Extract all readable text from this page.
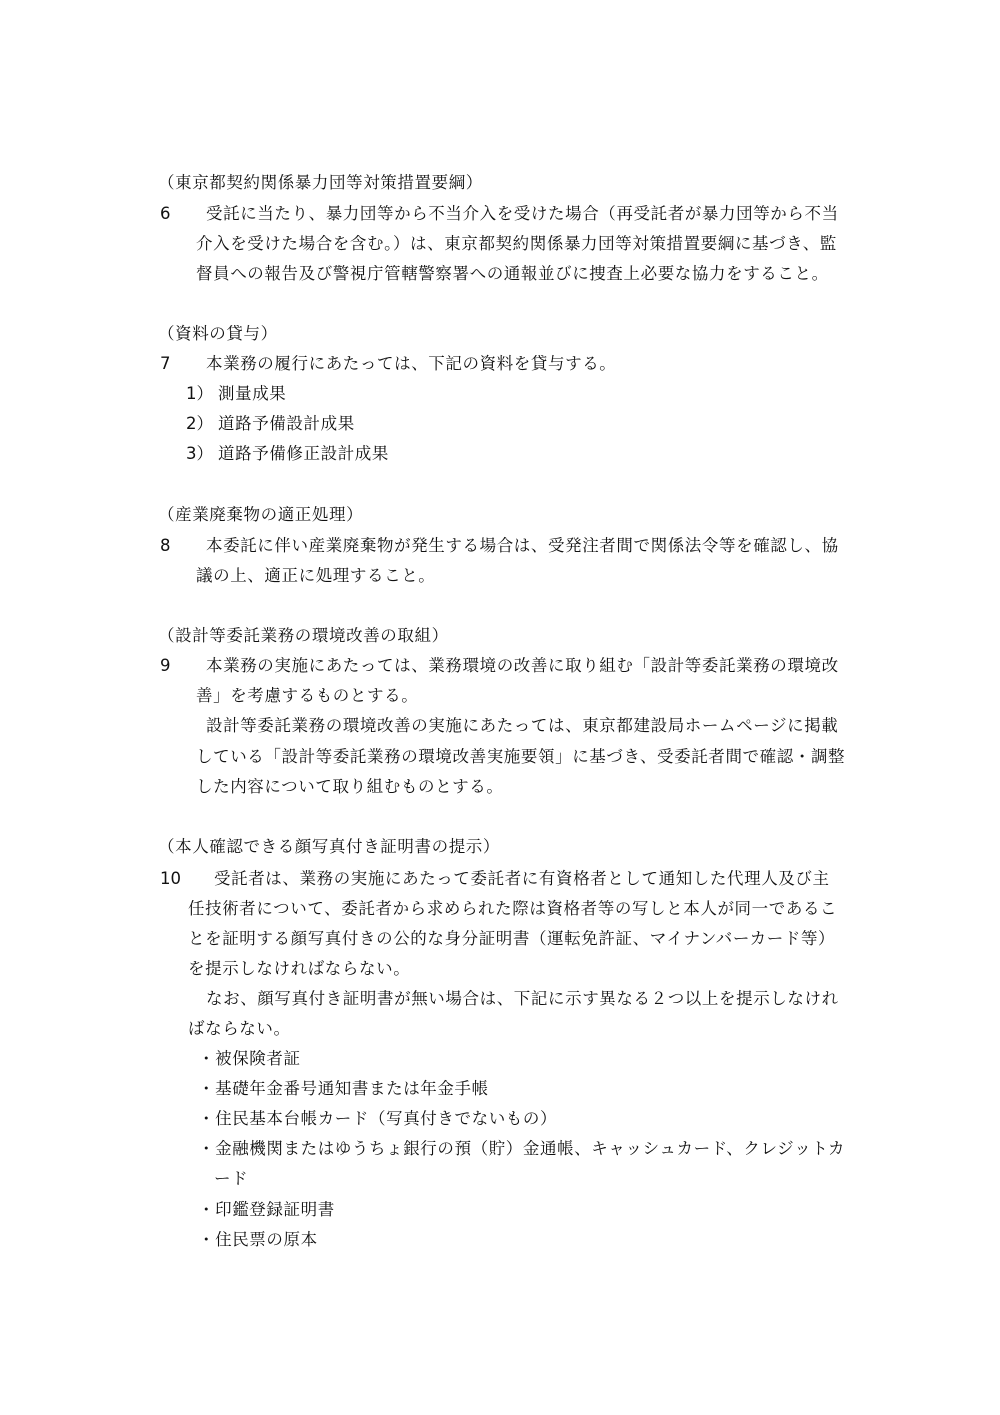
（東京都契約関係暴力団等対策措置要綱）
6 受託に当たり、暴力団等から不当介入を受けた場合（再受託者が暴力団等から不当
介入を受けた場合を含む。）は、東京都契約関係暴力団等対策措置要綱に基づき、監
督員への報告及び警視庁管轄警察署への通報並びに捜査上必要な協力をすること。
（資料の貸与）
7 本業務の履行にあたっては、下記の資料を貸与する。
1） 測量成果
2） 道路予備設計成果
3） 道路予備修正設計成果
（産業廃棄物の適正処理）
8 本委託に伴い産業廃棄物が発生する場合は、受発注者間で関係法令等を確認し、協
議の上、適正に処理すること。
（設計等委託業務の環境改善の取組）
9 本業務の実施にあたっては、業務環境の改善に取り組む「設計等委託業務の環境改
善」を考慮するものとする。
設計等委託業務の環境改善の実施にあたっては、東京都建設局ホームページに掲載
している「設計等委託業務の環境改善実施要領」に基づき、受委託者間で確認・調整
した内容について取り組むものとする。
（本人確認できる顔写真付き証明書の提示）
10 受託者は、業務の実施にあたって委託者に有資格者として通知した代理人及び主
任技術者について、委託者から求められた際は資格者等の写しと本人が同一であるこ
とを証明する顔写真付きの公的な身分証明書（運転免許証、マイナンバーカード等）
を提示しなければならない。
なお、顔写真付き証明書が無い場合は、下記に示す異なる２つ以上を提示しなけれ
ばならない。
・被保険者証
・基礎年金番号通知書または年金手帳
・住民基本台帳カード（写真付きでないもの）
・金融機関またはゆうちょ銀行の預（貯）金通帳、キャッシュカード、クレジットカ
ード
・印鑑登録証明書
・住民票の原本
